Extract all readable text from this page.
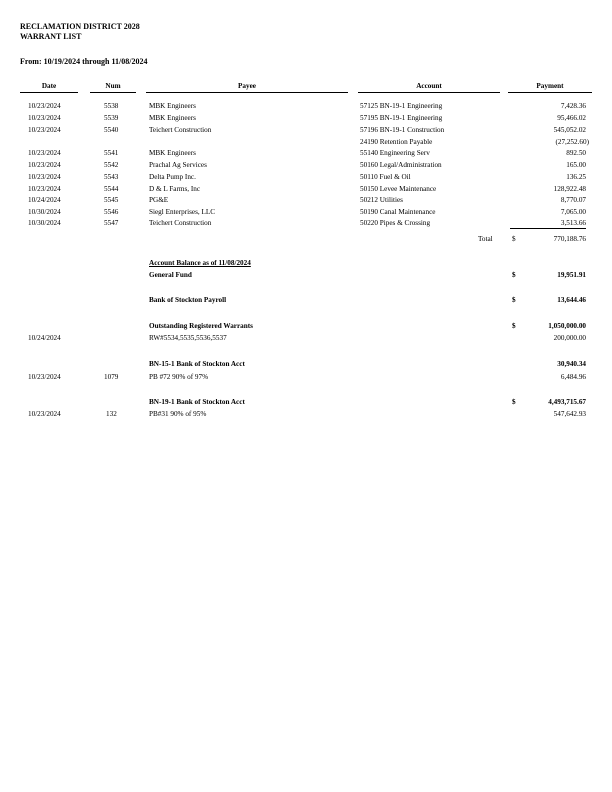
RECLAMATION DISTRICT 2028
WARRANT LIST
From: 10/19/2024 through 11/08/2024
Date	Num	Payee	Account	Payment
10/23/2024	5538	MBK Engineers	57125 BN-19-1 Engineering	7,428.36
10/23/2024	5539	MBK Engineers	57195 BN-19-1 Engineering	95,466.02
10/23/2024	5540	Teichert Construction	57196 BN-19-1 Construction	545,052.02
24190 Retention Payable	(27,252.60)
10/23/2024	5541	MBK Engineers	55140 Engineering Serv	892.50
10/23/2024	5542	Prachal Ag Services	50160 Legal/Administration	165.00
10/23/2024	5543	Delta Pump Inc.	50110 Fuel & Oil	136.25
10/23/2024	5544	D & L Farms, Inc	50150 Levee Maintenance	128,922.48
10/24/2024	5545	PG&E	50212 Utilities	8,770.07
10/30/2024	5546	Siegl Enterprises, LLC	50190 Canal Maintenance	7,065.00
10/30/2024	5547	Teichert Construction	50220 Pipes & Crossing	3,513.66
Total	$	770,188.76
Account Balance as of 11/08/2024
General Fund	$	19,951.91
Bank of Stockton Payroll	$	13,644.46
Outstanding Registered Warrants	$	1,050,000.00
10/24/2024	RW#5534,5535,5536,5537	200,000.00
BN-15-1 Bank of Stockton Acct	30,940.34
10/23/2024	1079	PB #72 90% of 97%	6,484.96
BN-19-1 Bank of Stockton Acct	$	4,493,715.67
10/23/2024	132	PB#31 90% of 95%	547,642.93
